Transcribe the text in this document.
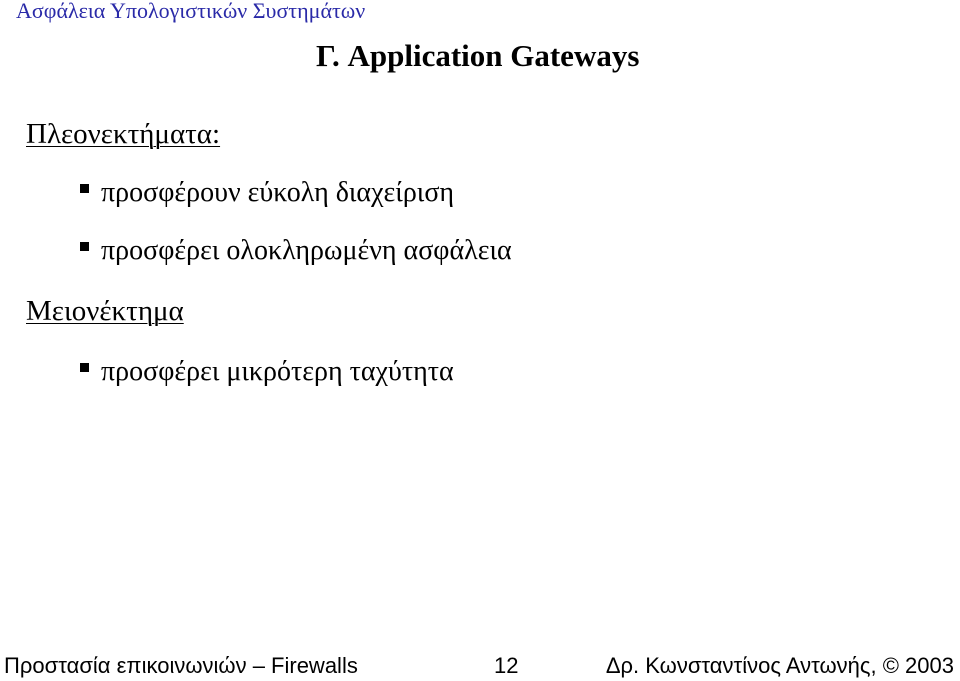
Ασφάλεια Υπολογιστικών Συστημάτων
Γ. Application Gateways
Πλεονεκτήματα:
προσφέρουν εύκολη διαχείριση
προσφέρει ολοκληρωμένη ασφάλεια
Μειονέκτημα
προσφέρει μικρότερη ταχύτητα
Προστασία επικοινωνιών – Firewalls	12	Δρ. Κωνσταντίνος Αντωνής, © 2003
